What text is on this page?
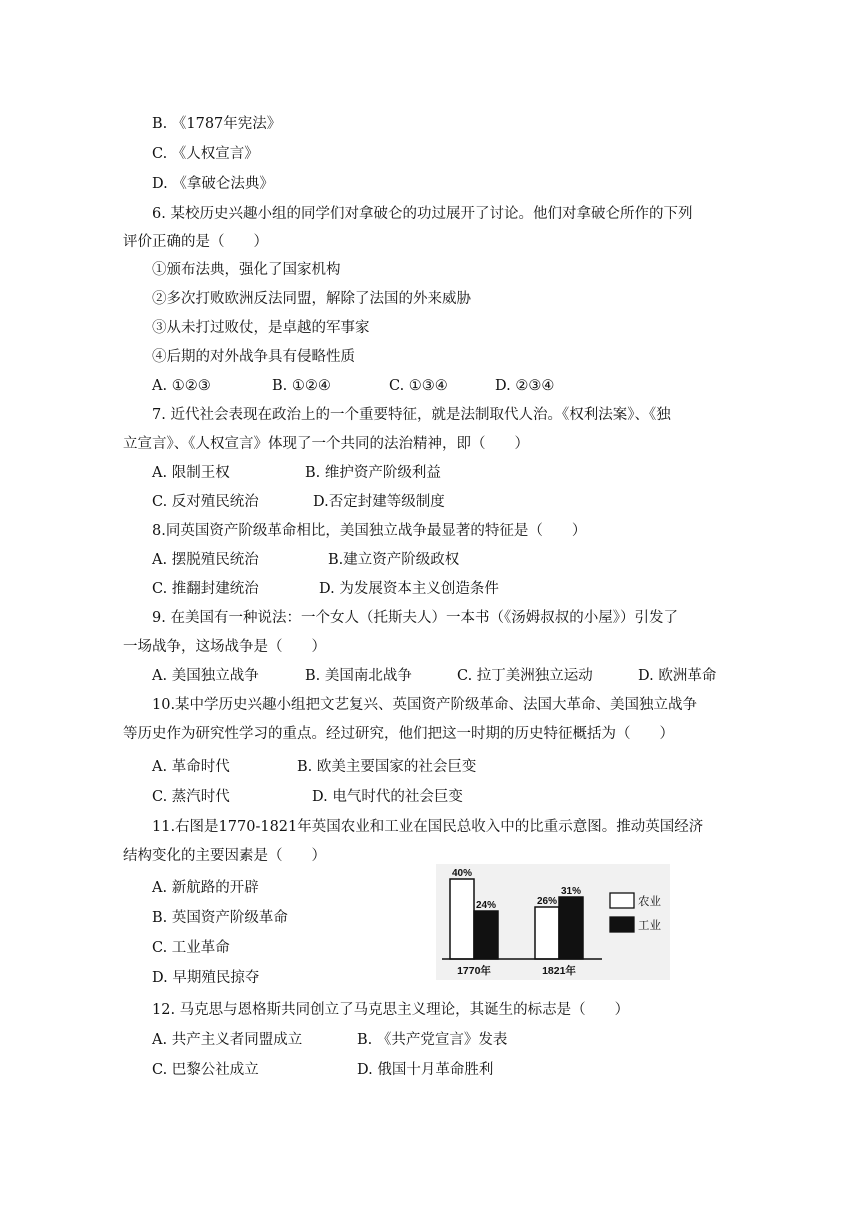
B. 《1787年宪法》
C. 《人权宣言》
D. 《拿破仑法典》
6. 某校历史兴趣小组的同学们对拿破仑的功过展开了讨论。他们对拿破仑所作的下列
评价正确的是（　　）
①颁布法典，强化了国家机构
②多次打败欧洲反法同盟，解除了法国的外来威胁
③从未打过败仗，是卓越的军事家
④后期的对外战争具有侵略性质
A. ①②③	B. ①②④	C. ①③④	D. ②③④
7. 近代社会表现在政治上的一个重要特征，就是法制取代人治。《权利法案》、《独
立宣言》、《人权宣言》体现了一个共同的法治精神，即（　　）
A. 限制王权	B. 维护资产阶级利益
C. 反对殖民统治	D.否定封建等级制度
8.同英国资产阶级革命相比，美国独立战争最显著的特征是（　　）
A. 摆脱殖民统治	B.建立资产阶级政权
C. 推翻封建统治	D. 为发展资本主义创造条件
9. 在美国有一种说法：一个女人（托斯夫人）一本书（《汤姆叔叔的小屋》）引发了
一场战争，这场战争是（　　）
A. 美国独立战争	B. 美国南北战争	C. 拉丁美洲独立运动	D. 欧洲革命
10.某中学历史兴趣小组把文艺复兴、英国资产阶级革命、法国大革命、美国独立战争
等历史作为研究性学习的重点。经过研究，他们把这一时期的历史特征概括为（　　）
A. 革命时代	B. 欧美主要国家的社会巨变
C. 蒸汽时代	D. 电气时代的社会巨变
11.右图是1770-1821年英国农业和工业在国民总收入中的比重示意图。推动英国经济
结构变化的主要因素是（　　）
A. 新航路的开辟
B. 英国资产阶级革命
C. 工业革命
D. 早期殖民掠夺
12. 马克思与恩格斯共同创立了马克思主义理论，其诞生的标志是（　　）
A. 共产主义者同盟成立	B. 《共产党宣言》发表
C. 巴黎公社成立	D. 俄国十月革命胜利
40%
24%	26%
31%
1770年	1821年
农业
工业
